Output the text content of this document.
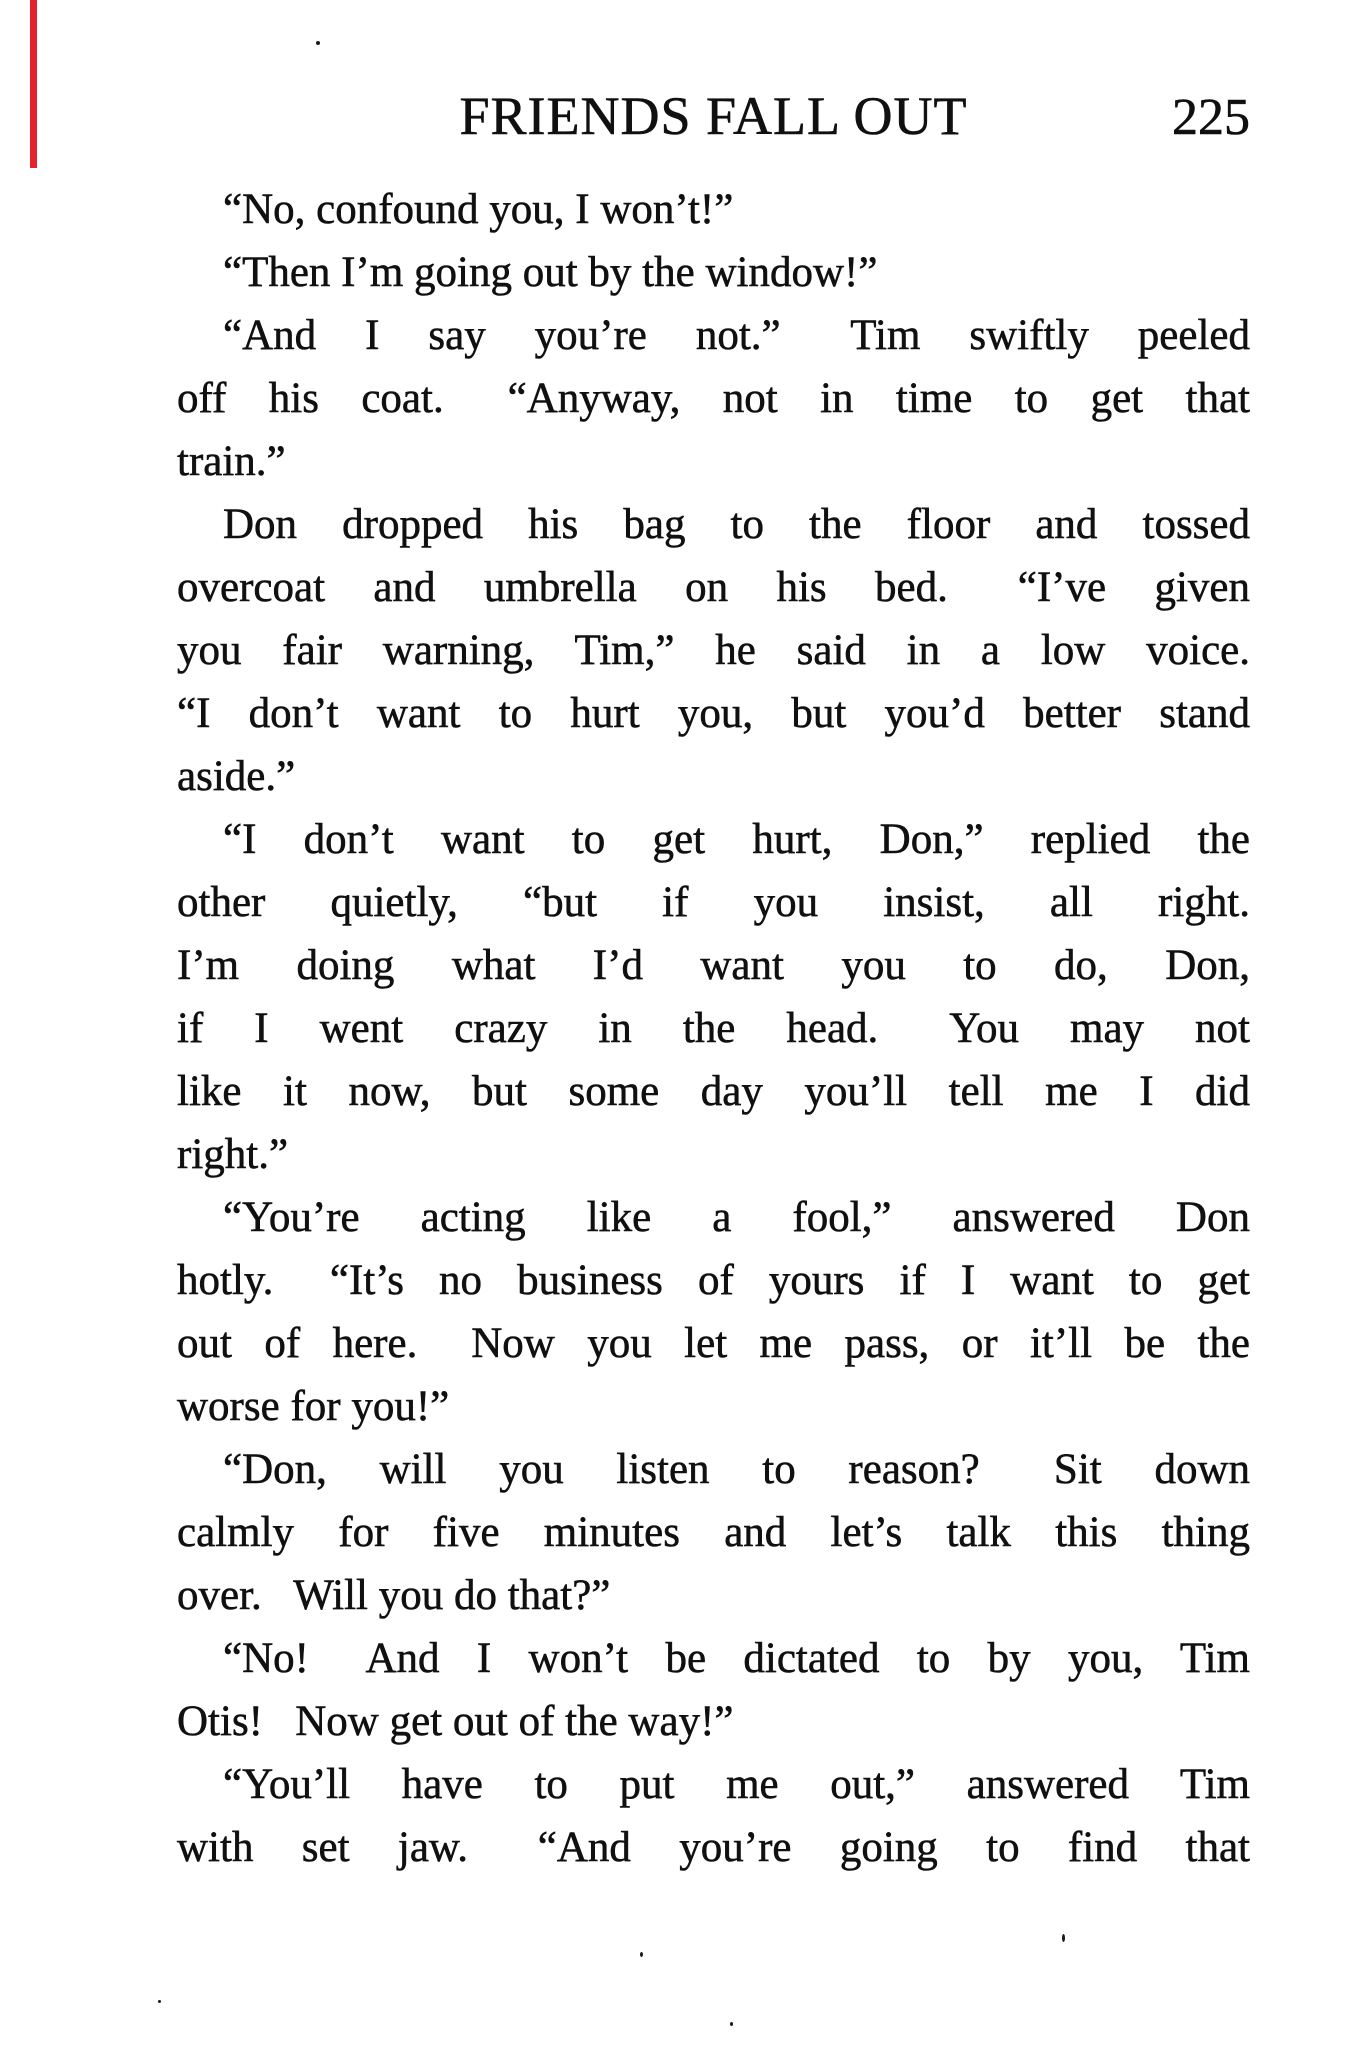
FRIENDS FALL OUT	225
“No, confound you, I won’t!”
“Then I’m going out by the window!”
“And I say you’re not.”  Tim swiftly peeled
off his coat.  “Anyway, not in time to get that
train.”
Don dropped his bag to the floor and tossed
overcoat and umbrella on his bed.  “I’ve given
you fair warning, Tim,” he said in a low voice.
“I don’t want to hurt you, but you’d better stand
aside.”
“I don’t want to get hurt, Don,” replied the
other quietly, “but if you insist, all right.
I’m doing what I’d want you to do, Don,
if I went crazy in the head.  You may not
like it now, but some day you’ll tell me I did
right.”
“You’re acting like a fool,” answered Don
hotly.  “It’s no business of yours if I want to get
out of here.  Now you let me pass, or it’ll be the
worse for you!”
“Don, will you listen to reason?  Sit down
calmly for five minutes and let’s talk this thing
over.  Will you do that?”
“No!  And I won’t be dictated to by you, Tim
Otis!  Now get out of the way!”
“You’ll have to put me out,” answered Tim
with set jaw.  “And you’re going to find that
